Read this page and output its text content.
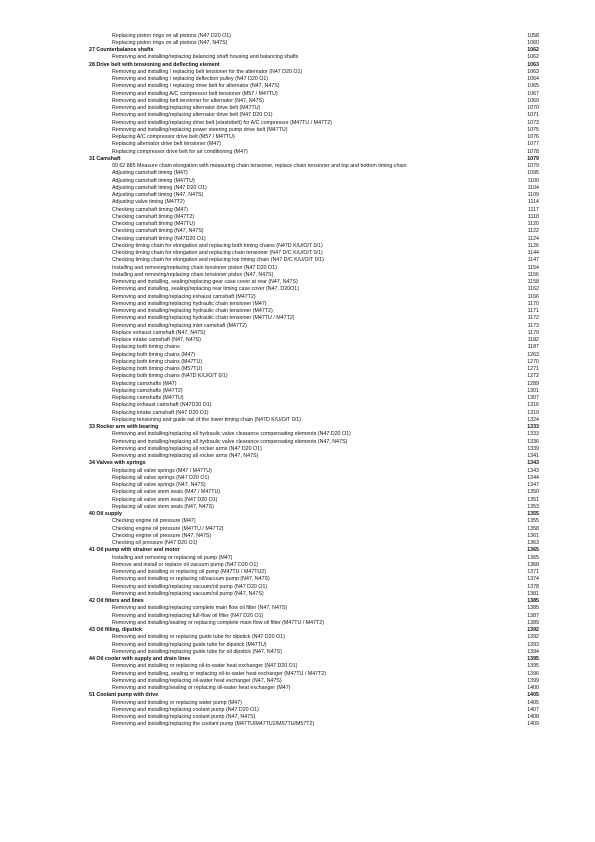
Replacing piston rings on all pistons (N47 D20 O1)	1058
Replacing piston rings on all pistons (N47, N47S)	1060
27 Counterbalance shafts	1062
Removing and installing/replacing balancing shaft housing and balancing shafts	1062
28 Drive belt with tensioning and deflecting element	1063
Removing and installing / replacing belt tensioner for the alternator (N47 D20 O1)	1063
Removing and installing / replacing deflection pulley (N47 D20 O1)	1064
Removing and installing / replacing drive belt for alternator (N47, N47S)	1065
Removing and installing A/C compressor belt tensioner (M57 / M47TU)	1067
Removing and installing belt tensioner for alternator (N47, N47S)	1069
Removing and installing/replacing alternator drive belt (M47TU)	1070
Removing and installing/replacing alternator drive belt (N47 D20 O1)	1071
Removing and installing/replacing drive belt (elastobelt) for A/C compressor (M47TU / M47T2)	1073
Removing and installing/replacing power steering pump drive belt (M47TU)	1075
Replacing A/C compressor drive belt (M57 / M47TU)	1076
Replacing alternator drive belt tensioner (M47)	1077
Replacing compressor drive belt for air conditioning (M47)	1078
31 Camshaft	1079
00 62 885 Measure chain elongation with measuring chain tensioner, replace chain tensioner and top and bottom timing chain	1079
Adjusting camshaft timing (M47)	1095
Adjusting camshaft timing (M47TU)	1100
Adjusting camshaft timing (N47 D20 O1)	1104
Adjusting camshaft timing (N47, N47S)	1109
Adjusting valve timing (M47T2)	1114
Checking camshaft timing (M47)	1117
Checking camshaft timing (M47T2)	1118
Checking camshaft timing (M47TU)	1120
Checking camshaft timing (N47, N47S)	1122
Checking camshaft timing (N47D20 O1)	1124
Checking timing chain for elongation and replacing both timing chains (N47D K/U/O/T 0/1)	1126
Checking timing chain for elongation and replacing chain tensioner (N47 D/C K/U/O/T 0/1)	1144
Checking timing chain for elongation and replacing top timing chain (N47 D/C K/U/O/T 0/1)	1147
Installing and removing/replacing chain tensioner piston (N47 D20 O1)	1154
Installing and removing/replacing chain tensioner piston (N47, N47S)	1156
Removing and installing, sealing/replacing gear case cover at rear (N47, N47S)	1158
Removing and installing, sealing/replacing rear timing case cover (N47, D20O1)	1162
Removing and installing/replacing exhaust camshaft (M47T2)	1166
Removing and installing/replacing hydraulic chain tensioner (M47)	1170
Removing and installing/replacing hydraulic chain tensioner (M47T2)	1171
Removing and installing/replacing hydraulic chain tensioner (M47TU / M47T2)	1172
Removing and installing/replacing inlet camshaft (M47T2)	1173
Replace exhaust camshaft (N47, N47S)	1179
Replace intake camshaft (N47, N47S)	1182
Replacing both timing chains	1187
Replacing both timing chains (M47)	1263
Replacing both timing chains (M47TU)	1270
Replacing both timing chains (M57TU)	1271
Replacing both timing chains (N47D K/U/O/T 0/1)	1272
Replacing camshafts (M47)	1289
Replacing camshafts (M47T2)	1301
Replacing camshafts (M47TU)	1307
Replacing exhaust camshaft (N47D20 O1)	1316
Replacing intake camshaft (N47 D20 O1)	1319
Replacing tensioning and guide rail of the lower timing chain (N47D K/U/O/T 0/1)	1324
33 Rocker arm with bearing	1333
Removing and installing/replacing all hydraulic valve clearance compensating elements (N47 D20 O1)	1333
Removing and installing/replacing all hydraulic valve clearance compensating elements (N47, N47S)	1336
Removing and installing/replacing all rocker arms (N47 D20 O1)	1339
Removing and installing/replacing all rocker arms (N47, N47S)	1341
34 Valves with springs	1343
Replacing all valve springs (M47 / M47TU)	1343
Replacing all valve springs (N47 D20 O1)	1344
Replacing all valve springs (N47, N47S)	1347
Replacing all valve stem seals (M47 / M47TU)	1350
Replacing all valve stem seals (N47 D20 O1)	1351
Replacing all valve stem seals (N47, N47S)	1353
40 Oil supply	1355
Checking engine oil pressure (M47)	1355
Checking engine oil pressure (M47TU / M47T2)	1358
Checking engine oil pressure (N47, N47S)	1361
Checking oil pressure (N47 D20 O1)	1363
41 Oil pump with strainer and motor	1365
Installing and removing or replacing oil pump (M47)	1365
Remove and install or replace oil vacuum pump (N47 D20 O1)	1368
Removing and installing or replacing oil pump (M47TU / M47TU2)	1371
Removing and installing or replacing oil/vacuum pump (N47, N47S)	1374
Removing and installing/replacing vacuum/oil pump (N47 D20 O1)	1378
Removing and installing/replacing vacuum/oil pump (N47, N47S)	1381
42 Oil filters and lines	1385
Removing and installing/replacing complete main flow oil filter (N47, N47S)	1385
Removing and installing/replacing full-flow oil filter (N47 D20 O1)	1387
Removing and installing/sealing or replacing complete main flow oil filter (M47TU / M47T2)	1389
43 Oil filling, dipstick	1392
Removing and installing or replacing guide tube for dipstick (N47 D20 O1)	1392
Removing and installing/replacing guide tube for dipstick (M47TU)	1393
Removing and installing/replacing guide tube for oil dipstick (N47, N47S)	1394
44 Oil cooler with supply and drain lines	1395
Removing and installing or replacing oil-to-water heat exchanger (N47 D20 O1)	1395
Removing and installing, sealing or replacing oil-to-water heat exchanger (M47TU / M47T2)	1396
Removing and installing/replacing oil-water heat exchanger (N47, N47S)	1399
Removing and installing/sealing or replacing oil-water heat exchanger (M47)	1400
51 Coolant pump with drive	1405
Removing and installing or replacing water pump (M47)	1405
Removing and installing/replacing coolant pump (N47 D20 O1)	1407
Removing and installing/replacing coolant pump (N47, N47S)	1408
Removing and installing/replacing the coolant pump (M47TU/M47TU2/M57TU/M57T2)	1409
